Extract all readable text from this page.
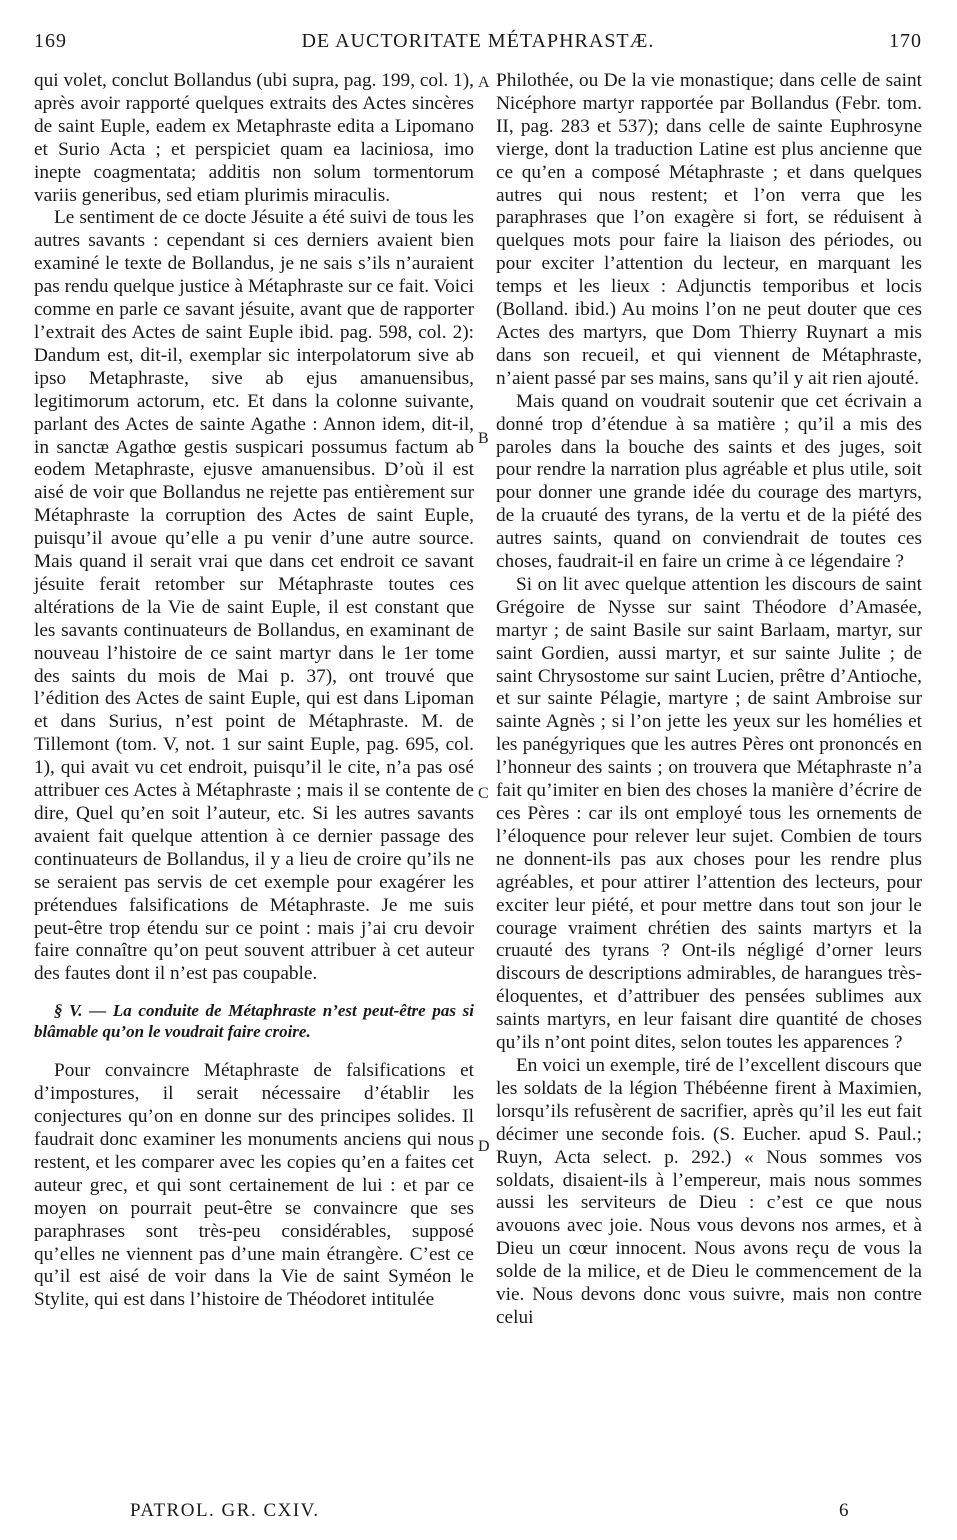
169	DE AUCTORITATE MÉTAPHRASTÆ.	170

qui volet, conclut Bollandus (ubi supra, pag. 199, col. 1), après avoir rapporté quelques extraits des Actes sincères de saint Euple, eadem ex Metaphraste edita a Lipomano et Surio Acta ; et perspiciet quam ea laciniosa, imo inepte coagmentata; additis non solum tormentorum variis generibus, sed etiam plurimis miraculis.

Le sentiment de ce docte Jésuite a été suivi de tous les autres savants : cependant si ces derniers avaient bien examiné le texte de Bollandus, je ne sais s’ils n’auraient pas rendu quelque justice à Métaphraste sur ce fait. Voici comme en parle ce savant jésuite, avant que de rapporter l’extrait des Actes de saint Euple ibid. pag. 598, col. 2): Dandum est, dit-il, exemplar sic interpolatorum sive ab ipso Metaphraste, sive ab ejus amanuensibus, legitimorum actorum, etc. Et dans la colonne suivante, parlant des Actes de sainte Agathe : Annon idem, dit-il, in sanctæ Agathœ gestis suspicari possumus factum ab eodem Metaphraste, ejusve amanuensibus. D’où il est aisé de voir que Bollandus ne rejette pas entièrement sur Métaphraste la corruption des Actes de saint Euple, puisqu’il avoue qu’elle a pu venir d’une autre source. Mais quand il serait vrai que dans cet endroit ce savant jésuite ferait retomber sur Métaphraste toutes ces altérations de la Vie de saint Euple, il est constant que les savants continuateurs de Bollandus, en examinant de nouveau l’histoire de ce saint martyr dans le 1er tome des saints du mois de Mai p. 37), ont trouvé que l’édition des Actes de saint Euple, qui est dans Lipoman et dans Surius, n’est point de Métaphraste. M. de Tillemont (tom. V, not. 1 sur saint Euple, pag. 695, col. 1), qui avait vu cet endroit, puisqu’il le cite, n’a pas osé attribuer ces Actes à Métaphraste ; mais il se contente de dire, Quel qu’en soit l’auteur, etc. Si les autres savants avaient fait quelque attention à ce dernier passage des continuateurs de Bollandus, il y a lieu de croire qu’ils ne se seraient pas servis de cet exemple pour exagérer les prétendues falsifications de Métaphraste. Je me suis peut-être trop étendu sur ce point : mais j’ai cru devoir faire connaître qu’on peut souvent attribuer à cet auteur des fautes dont il n’est pas coupable.

§ V. — La conduite de Métaphraste n’est peut-être pas si blâmable qu’on le voudrait faire croire.

Pour convaincre Métaphraste de falsifications et d’impostures, il serait nécessaire d’établir les conjectures qu’on en donne sur des principes solides. Il faudrait donc examiner les monuments anciens qui nous restent, et les comparer avec les copies qu’en a faites cet auteur grec, et qui sont certainement de lui : et par ce moyen on pourrait peut-être se convaincre que ses paraphrases sont très-peu considérables, supposé qu’elles ne viennent pas d’une main étrangère. C’est ce qu’il est aisé de voir dans la Vie de saint Syméon le Stylite, qui est dans l’histoire de Théodoret intitulée

A
B
C
D

Philothée, ou De la vie monastique; dans celle de saint Nicéphore martyr rapportée par Bollandus (Febr. tom. II, pag. 283 et 537); dans celle de sainte Euphrosyne vierge, dont la traduction Latine est plus ancienne que ce qu’en a composé Métaphraste ; et dans quelques autres qui nous restent; et l’on verra que les paraphrases que l’on exagère si fort, se réduisent à quelques mots pour faire la liaison des périodes, ou pour exciter l’attention du lecteur, en marquant les temps et les lieux : Adjunctis temporibus et locis (Bolland. ibid.) Au moins l’on ne peut douter que ces Actes des martyrs, que Dom Thierry Ruynart a mis dans son recueil, et qui viennent de Métaphraste, n’aient passé par ses mains, sans qu’il y ait rien ajouté.

Mais quand on voudrait soutenir que cet écrivain a donné trop d’étendue à sa matière ; qu’il a mis des paroles dans la bouche des saints et des juges, soit pour rendre la narration plus agréable et plus utile, soit pour donner une grande idée du courage des martyrs, de la cruauté des tyrans, de la vertu et de la piété des autres saints, quand on conviendrait de toutes ces choses, faudrait-il en faire un crime à ce légendaire ?

Si on lit avec quelque attention les discours de saint Grégoire de Nysse sur saint Théodore d’Amasée, martyr ; de saint Basile sur saint Barlaam, martyr, sur saint Gordien, aussi martyr, et sur sainte Julite ; de saint Chrysostome sur saint Lucien, prêtre d’Antioche, et sur sainte Pélagie, martyre ; de saint Ambroise sur sainte Agnès ; si l’on jette les yeux sur les homélies et les panégyriques que les autres Pères ont prononcés en l’honneur des saints ; on trouvera que Métaphraste n’a fait qu’imiter en bien des choses la manière d’écrire de ces Pères : car ils ont employé tous les ornements de l’éloquence pour relever leur sujet. Combien de tours ne donnent-ils pas aux choses pour les rendre plus agréables, et pour attirer l’attention des lecteurs, pour exciter leur piété, et pour mettre dans tout son jour le courage vraiment chrétien des saints martyrs et la cruauté des tyrans ? Ont-ils négligé d’orner leurs discours de descriptions admirables, de harangues très-éloquentes, et d’attribuer des pensées sublimes aux saints martyrs, en leur faisant dire quantité de choses qu’ils n’ont point dites, selon toutes les apparences ?

En voici un exemple, tiré de l’excellent discours que les soldats de la légion Thébéenne firent à Maximien, lorsqu’ils refusèrent de sacrifier, après qu’il les eut fait décimer une seconde fois. (S. Eucher. apud S. Paul.; Ruyn, Acta select. p. 292.) « Nous sommes vos soldats, disaient-ils à l’empereur, mais nous sommes aussi les serviteurs de Dieu : c’est ce que nous avouons avec joie. Nous vous devons nos armes, et à Dieu un cœur innocent. Nous avons reçu de vous la solde de la milice, et de Dieu le commencement de la vie. Nous devons donc vous suivre, mais non contre celui

PATROL. GR. CXIV.	6
